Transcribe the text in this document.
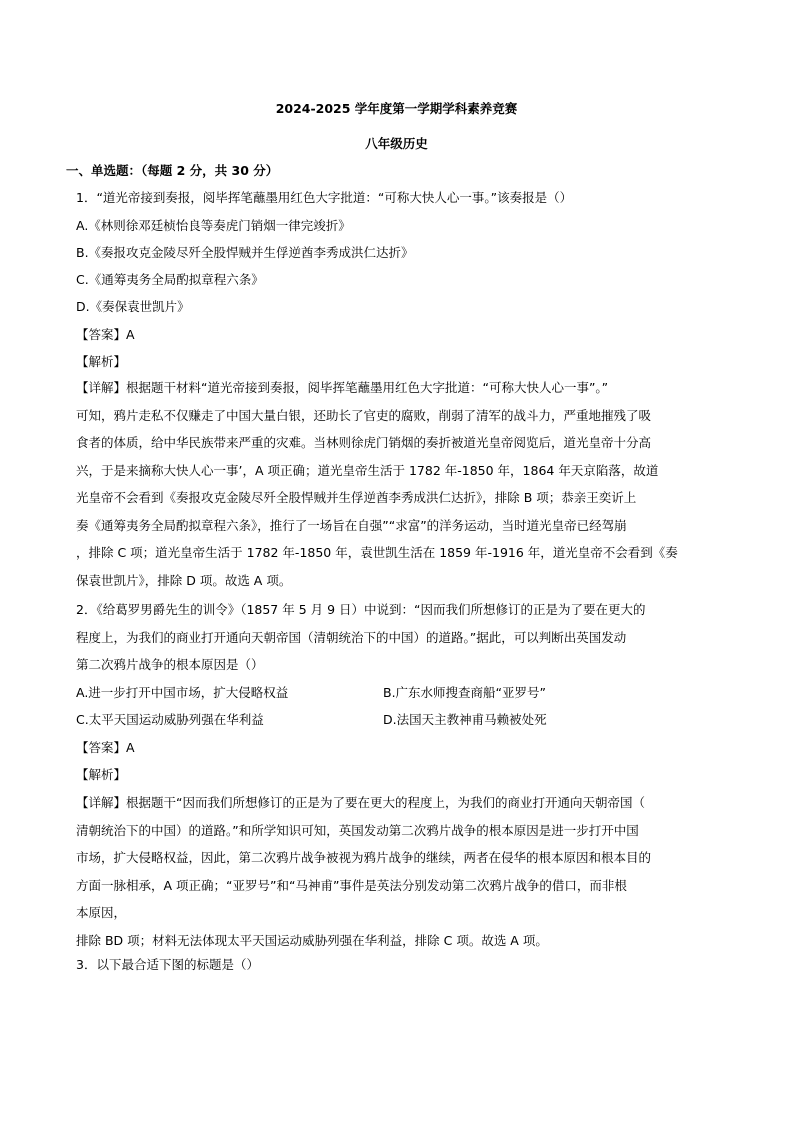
2024-2025 学年度第一学期学科素养竞赛
八年级历史
一、单选题：（每题 2 分，共 30 分）
1．“道光帝接到奏报，阅毕挥笔蘸墨用红色大字批道：“可称大快人心一事。”该奏报是（）
A.《林则徐邓廷桢怡良等奏虎门销烟一律完竣折》
B.《奏报攻克金陵尽歼全股悍贼并生俘逆酋李秀成洪仁达折》
C.《通筹夷务全局酌拟章程六条》
D.《奏保袁世凯片》
【答案】A
【解析】
【详解】根据题干材料“道光帝接到奏报，阅毕挥笔蘸墨用红色大字批道：“可称大快人心一事”。”
可知，鸦片走私不仅赚走了中国大量白银，还助长了官吏的腐败，削弱了清军的战斗力，严重地摧残了吸
食者的体质，给中华民族带来严重的灾难。当林则徐虎门销烟的奏折被道光皇帝阅览后，道光皇帝十分高
兴，于是来摘称大快人心一事’，A 项正确；道光皇帝生活于 1782 年-1850 年，1864 年天京陷落，故道
光皇帝不会看到《奏报攻克金陵尽歼全股悍贼并生俘逆酋李秀成洪仁达折》，排除 B 项；恭亲王奕䜣上
奏《通筹夷务全局酌拟章程六条》，推行了一场旨在自强”“求富”的洋务运动，当时道光皇帝已经驾崩
，排除 C 项；道光皇帝生活于 1782 年-1850 年，袁世凯生活在 1859 年-1916 年，道光皇帝不会看到《奏
保袁世凯片》，排除 D 项。故选 A 项。
2．《给葛罗男爵先生的训令》（1857 年 5 月 9 日）中说到：“因而我们所想修订的正是为了要在更大的
程度上，为我们的商业打开通向天朝帝国（清朝统治下的中国）的道路。”据此，可以判断出英国发动
第二次鸦片战争的根本原因是（）
A.进一步打开中国市场，扩大侵略权益	B.广东水师搜查商船“亚罗号”
C.太平天国运动威胁列强在华利益	D.法国天主教神甫马赖被处死
【答案】A
【解析】
【详解】根据题干“因而我们所想修订的正是为了要在更大的程度上，为我们的商业打开通向天朝帝国（
清朝统治下的中国）的道路。”和所学知识可知，英国发动第二次鸦片战争的根本原因是进一步打开中国
市场，扩大侵略权益，因此，第二次鸦片战争被视为鸦片战争的继续，两者在侵华的根本原因和根本目的
方面一脉相承，A 项正确；“亚罗号”和“马神甫”事件是英法分别发动第二次鸦片战争的借口，而非根
本原因，
排除 BD 项；材料无法体现太平天国运动威胁列强在华利益，排除 C 项。故选 A 项。
3．以下最合适下图的标题是（）
